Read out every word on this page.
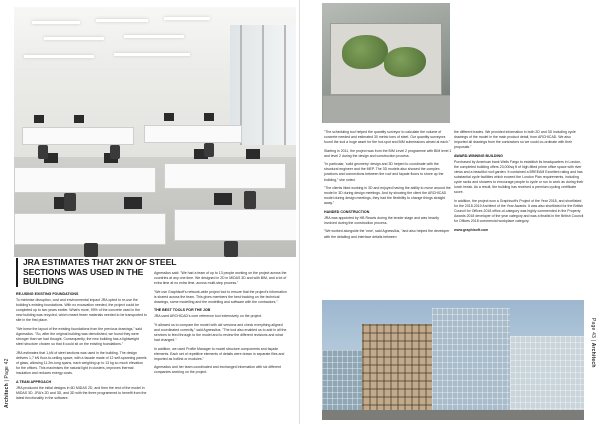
JRA ESTIMATES THAT 2KN OF STEEL SECTIONS WAS USED IN THE BUILDING
RE-USING EXISTING FOUNDATIONS

To minimise disruption, cost and environmental impact JRA opted to re-use the building's existing foundations. With no excavation needed, the project could be completed up to two years earlier. What's more, 99% of the concrete used in the new building was recycled, which meant fewer materials needed to be transported to site in the first place.

"We knew the layout of the existing foundations from the previous drawings," said Agnesslius. "So, after the original building was demolished, we found they were stronger than we had thought. Consequently, the new building has a lightweight steel structure chosen so that it could sit on the existing foundations."

JRA estimates that 1,kN of steel sections was used in the building. The design delivers 1,7 kN floor-to-ceiling space, with a facade made of 12 self-spanning panels of glass, allowing 11.2m-long spans, each weighing up to 13 kg so much elevation for the offices. This maximises the natural light in clusters, improves thermal insulation and reduces energy costs.

A TEAM APPROACH

JRA produced the initial designs in 6D MIDAS 2D, and then the rest of the model in MIDAS 3D. JRA's 2D and 3D, and 3D with the three programmed to benefit from the latest functionality in the software.

Agnesslius said: "We had a team of up to 13 people working on the project across the countries at any one time. We designed in 2D in MIDAS 3D and with BIM, and a lot of extra time at no extra time, across multi-step process."

"We use Graphisoft's network-wide project tool to ensure that the project's information is shared across the team. This gives members the best tracking on the technical drawings, some modelling and the modelling and software with the contractors."

THE BEST TOOLS FOR THE JOB

JRA used ARCHICAD's core reference tool extensively on the project.

"It allowed us to compare the model with old versions and check everything aligned and coordinated correctly," said Agnesslius. "The tool also enabled us to add in all the services to feed through to the model and to review the different revisions and what had changed."

In addition, we used Profile Manager to model structure components and façade elements. Each set of repetitive elements of details were drawn in separate files and imported as hotlink or modules."

Agnesslius and her team coordinated and exchanged information with six different companies working on the project.

Architech | Page 42

"The scheduling tool helped the quantity surveyor to calculate the volume of concrete needed and estimated 30 metric tons of steel. Our quantity surveyors found the tool a huge asset for the hot-spot and BIM submissions aimed at each."

Starting in 2011, the project was from the BIM Level 2 programme with BIM level 1 and level 2 during the design and construction process.

"In particular, 'solid geometry' design and 3D helped to coordinate with the structural engineer and the MEP. The 3D models also showed the complex junctions and connections between the roof and façade floors to shore up the building," she noted.

"The clients liked working in 3D and enjoyed having the ability to move around the model in 3D during design meetings. And by showing the client the ARCHICAD model during design meetings, they had the flexibility to change things straight away."

HANDED CONSTRUCTION

JRA was appointed by HB Reavis during the tender stage and was heavily involved during the construction process.

"We worked alongside the 'new', said Agnesslius, "and also helped the developer with the detailing and interface details between

the different trades. We provided information in both 2D and 3D including cycle drawings of the model in the main product detail, from ARCHICAD. We also imported all drawings from the contractors so we could co-ordinate with their proposals."

AWARD-WINNING BUILDING

Purchased by American bank Wells Fargo to establish its headquarters in London, the completed building offers 23,000sq ft of high-fitted prime office space with river views and a beautiful roof garden. It contained a BREEAM Excellent rating and has substantial cycle facilities which exceed the London Plan requirements, including cycle racks and showers to encourage people to cycle or run to work as during their lunch break. As a result, the building has received a premium cycling certificate score.

In addition, the project won a Graphisoft's Project of the Year 2018, and shortlisted for the 2018-2019 Architect of the Year Awards. It was also shortlisted for the British Council for Offices 2018 office-of-category was highly commended in the Property Awards 2018 developer of the year category and was a finalist in the British Council for Offices 2018 commercial workplace category.

www.graphisoft.com

Page 43 | Architech
